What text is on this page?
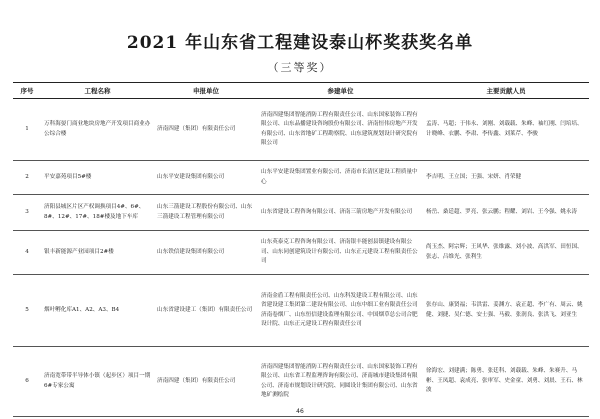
2021 年山东省工程建设泰山杯奖获奖名单
（三等奖）
序号	工程名称	申报单位	参建单位	主要贡献人员
1	万科海晏门商业地块房地产开发项目商业办公综合楼	济南四建（集团）有限责任公司	济南四建集团智能消防工程有限责任公司、山东国家装饰工程有限公司、山东品播建设咨询股份有限公司、济南恒伟房地产开发有限公司、山东省地矿工程勘察院、山东建筑规划设计研究院有限公司	孟涛、马超；于伟永、刘刚、刘载载、朱峰、袖红刚、闫培培、计晓峰、衣鹏、李肃、李传鑫、刘莱芹、李骏
2	平安嘉苑项目5#楼	山东平安建设集团有限公司	山东平安建设集团置业有限公司、济南市长清区建设工程质量中心	李吉明、王立国；王强、宋妍、肖荣健
3	济阳县城区片区产权调换项目4#、6#、8#、12#、17#、18#楼及地下车库	山东三箭建设工程股份有限公司、山东三箭建设工程管理有限公司	山东省建设工程咨询有限公司、济南三箭房地产开发有限公司	杨岳、桑廷超、罗亮、张云鹏；程耀、刘岩、王今强、姚永涛
4	银丰新能源产业园项目2#楼	山东铁信建设集团有限公司	山东英泰克工程咨询有限公司、济南银丰能创县镇建设有限公司、山东同创建筑设计有限公司、山东正元建设工程有限责任公司	尚玉杰、阿宗辉；王风华、张维露、刘小波、高洪军、田恒国、张志、吕维光、张利生
5	烟叶孵化库A1、A2、A3、B4	山东省建设建工（集团）有限责任公司	济南金盾工程有限责任公司、山东科发建设工程有限公司、山东省建设建工集团第二建设有限公司、山东中细工业有限责任公司济南卷烟厂、山东恒信建设监理有限公司、中国烟草总公司合肥设计院、山东正元建设工程有限责任公司	张存山、康贤福；韦洪雷、姜渊方、袁正超、李广有、周云、姚健、刘捷、吴仁德、安士强、马毅、张润良、张洪飞、刘亚生
6	济南宽带带半导体小镇（起步区）项目一期6#专家公寓	济南四建（集团）有限责任公司	济南四建集团智能消防工程有限责任公司、山东国家装饰工程有限公司、山东省工程监理咨询有限公司、济南城市建设集团有限公司、济南市规划设计研究院、同圆设计集团有限公司、山东省地矿测绘院	徐海宏、刘建满；陈勇、张廷科、刘载载、朱峰、朱赛升、马彬、王凤超、袁成亮、张审军、史金童、刘勇、刘晨、王石、林波
46
